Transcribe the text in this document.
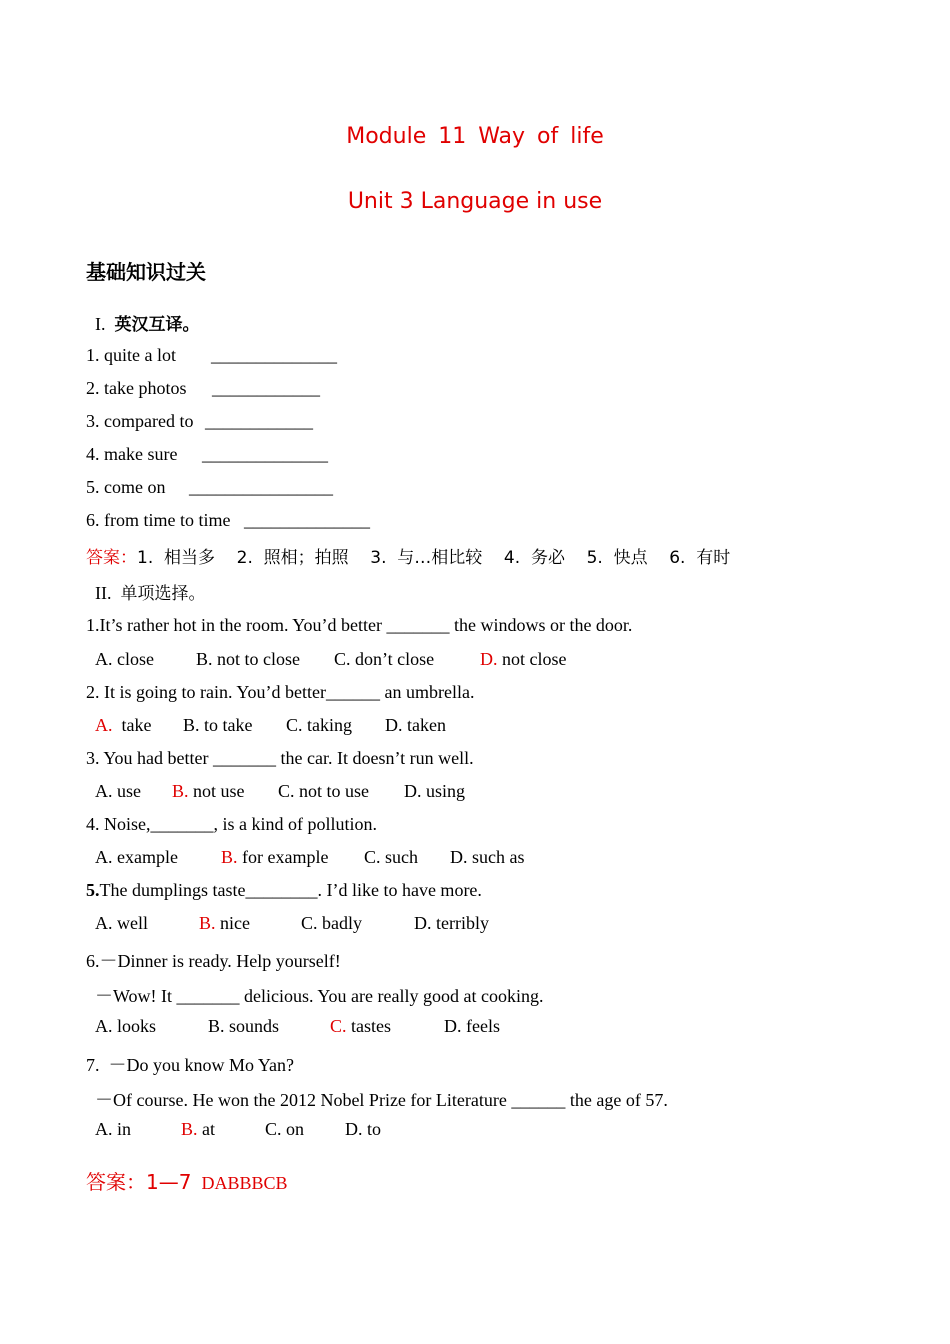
Module 11 Way of life
Unit 3 Language in use
基础知识过关
I. 英汉互译。
1. quite a lot ______________
2. take photos ____________
3. compared to ____________
4. make sure ______________
5. come on ________________
6. from time to time ______________
答案：1.  相当多    2.  照相；拍照    3.  与…相比较    4.  务必    5.  快点    6.  有时
II. 单项选择。
1.It’s rather hot in the room. You’d better _______ the windows or the door.
A. close B. not to close C. don’t close	D. not close
2. It is going to rain. You’d better______ an umbrella.
A. take B. to take C. taking D. taken
3. You had better _______ the car. It doesn’t run well.
A. use B. not use C. not to use D. using
4. Noise,_______, is a kind of pollution.
A. example B. for example C. such D. such as
5.The dumplings taste________. I’d like to have more.
A. well	B. nice	C. badly	D. terribly
6.－Dinner is ready. Help yourself!
－Wow! It _______ delicious. You are really good at cooking.
A. looks	B. sounds	C. tastes	D. feels
7.  －Do you know Mo Yan?
－Of course. He won the 2012 Nobel Prize for Literature ______ the age of 57.
A. in	B. at	C. on D. to
答案：1—7 DABBBCB
